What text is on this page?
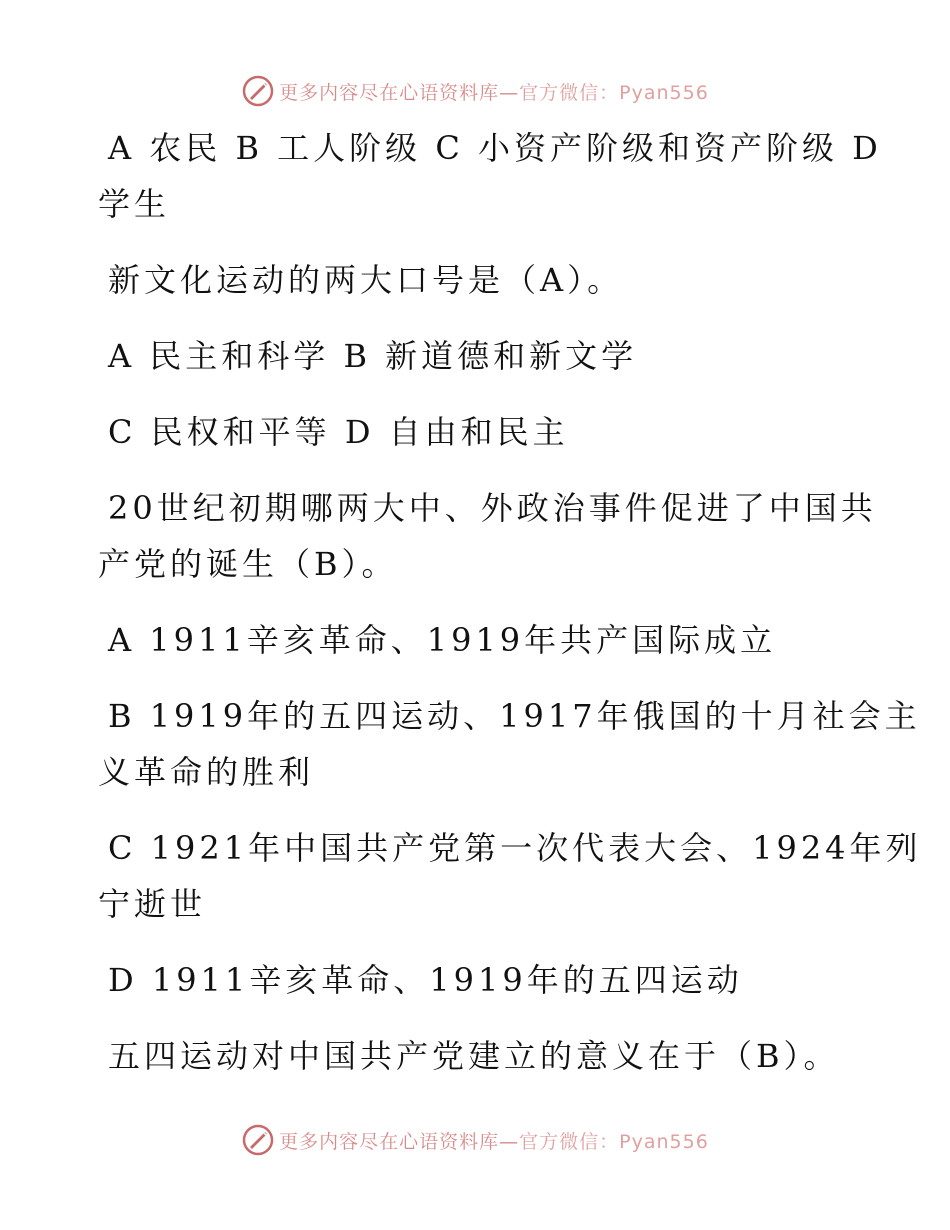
更多内容尽在心语资料库— 官方微信：Pyan556
A 农民 B 工人阶级 C 小资产阶级和资产阶级 D
学生
新文化运动的两大口号是（A）。
A 民主和科学 B 新道德和新文学
C 民权和平等 D 自由和民主
20世纪初期哪两大中、外政治事件促进了中国共
产党的诞生（B）。
A 1911辛亥革命、1919年共产国际成立
B 1919年的五四运动、1917年俄国的十月社会主
义革命的胜利
C 1921年中国共产党第一次代表大会、1924年列
宁逝世
D 1911辛亥革命、1919年的五四运动
五四运动对中国共产党建立的意义在于（B）。
更多内容尽在心语资料库— 官方微信：Pyan556
